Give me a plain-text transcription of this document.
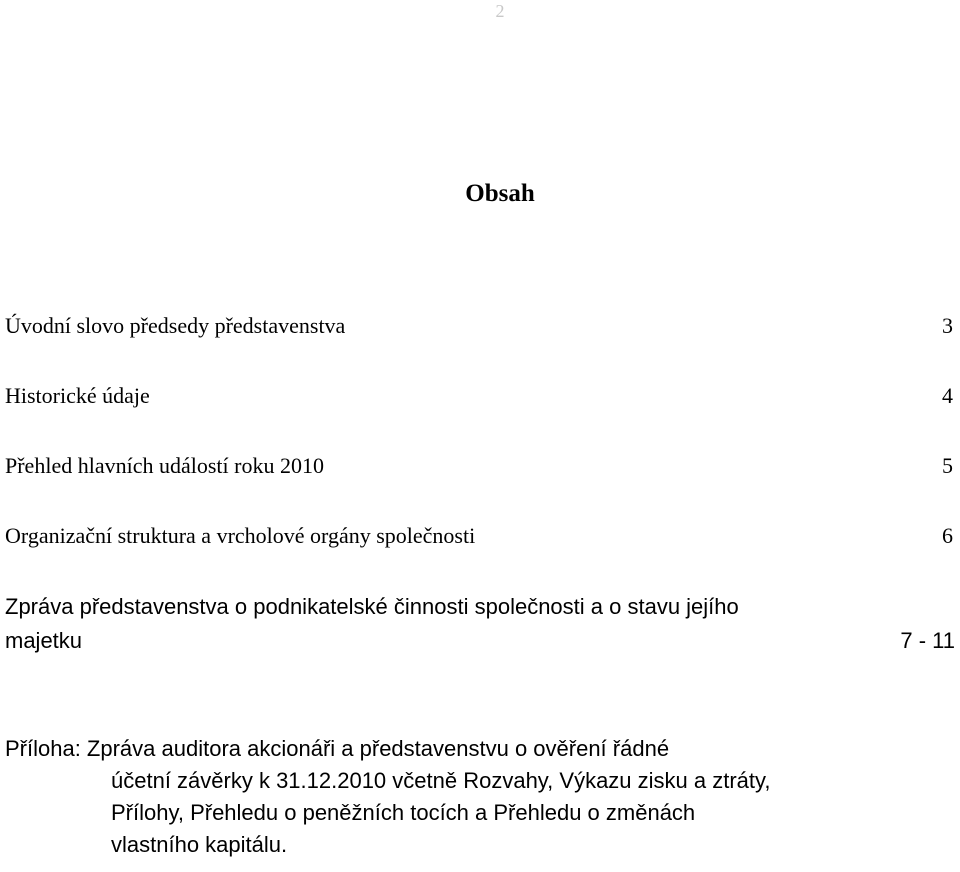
2
Obsah
Úvodní slovo předsedy představenstva	3
Historické údaje	4
Přehled hlavních událostí roku 2010	5
Organizační struktura a vrcholové orgány společnosti	6
Zpráva představenstva o podnikatelské činnosti společnosti a o stavu jejího
majetku	7 - 11
Příloha: Zpráva auditora akcionáři a představenstvu o ověření řádné
účetní závěrky k 31.12.2010 včetně Rozvahy, Výkazu zisku a ztráty,
Přílohy, Přehledu o peněžních tocích a Přehledu o změnách
vlastního kapitálu.
